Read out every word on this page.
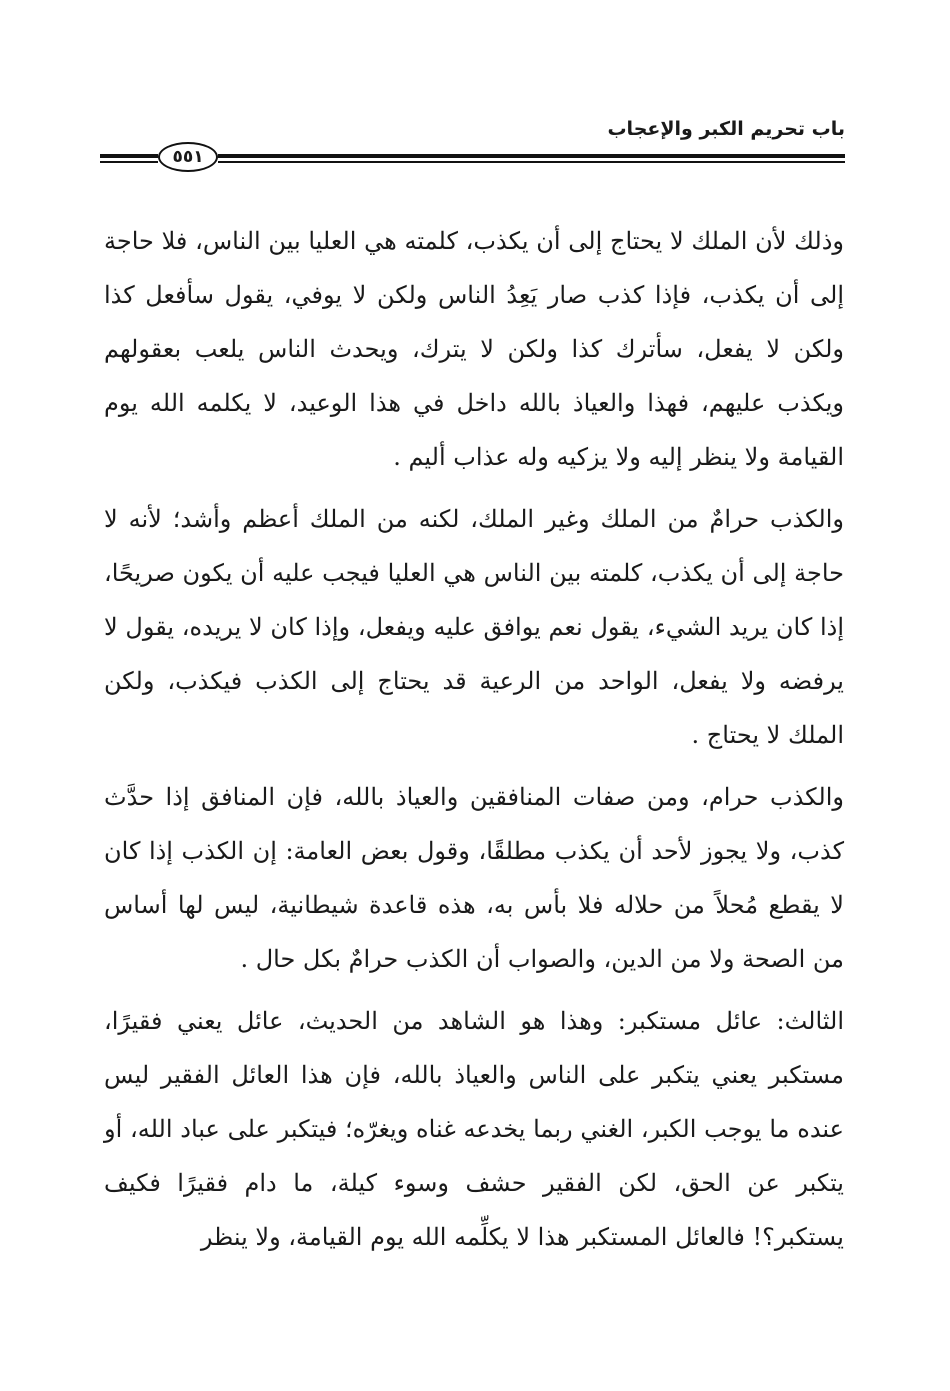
باب تحريم الكبر والإعجاب
٥٥١

وذلك لأن الملك لا يحتاج إلى أن يكذب، كلمته هي العليا بين الناس، فلا حاجة إلى أن يكذب، فإذا كذب صار يَعِدُ الناس ولكن لا يوفي، يقول سأفعل كذا ولكن لا يفعل، سأترك كذا ولكن لا يترك، ويحدث الناس يلعب بعقولهم ويكذب عليهم، فهذا والعياذ بالله داخل في هذا الوعيد، لا يكلمه الله يوم القيامة ولا ينظر إليه ولا يزكيه وله عذاب أليم .

والكذب حرامٌ من الملك وغير الملك، لكنه من الملك أعظم وأشد؛ لأنه لا حاجة إلى أن يكذب، كلمته بين الناس هي العليا فيجب عليه أن يكون صريحًا، إذا كان يريد الشيء، يقول نعم يوافق عليه ويفعل، وإذا كان لا يريده، يقول لا يرفضه ولا يفعل، الواحد من الرعية قد يحتاج إلى الكذب فيكذب، ولكن الملك لا يحتاج .

والكذب حرام، ومن صفات المنافقين والعياذ بالله، فإن المنافق إذا حدَّث كذب، ولا يجوز لأحد أن يكذب مطلقًا، وقول بعض العامة: إن الكذب إذا كان لا يقطع مُحلاً من حلاله فلا بأس به، هذه قاعدة شيطانية، ليس لها أساس من الصحة ولا من الدين، والصواب أن الكذب حرامٌ بكل حال .

الثالث: عائل مستكبر: وهذا هو الشاهد من الحديث، عائل يعني فقيرًا، مستكبر يعني يتكبر على الناس والعياذ بالله، فإن هذا العائل الفقير ليس عنده ما يوجب الكبر، الغني ربما يخدعه غناه ويغرّه؛ فيتكبر على عباد الله، أو يتكبر عن الحق، لكن الفقير حشف وسوء كيلة، ما دام فقيرًا فكيف يستكبر؟! فالعائل المستكبر هذا لا يكلِّمه الله يوم القيامة، ولا ينظر
